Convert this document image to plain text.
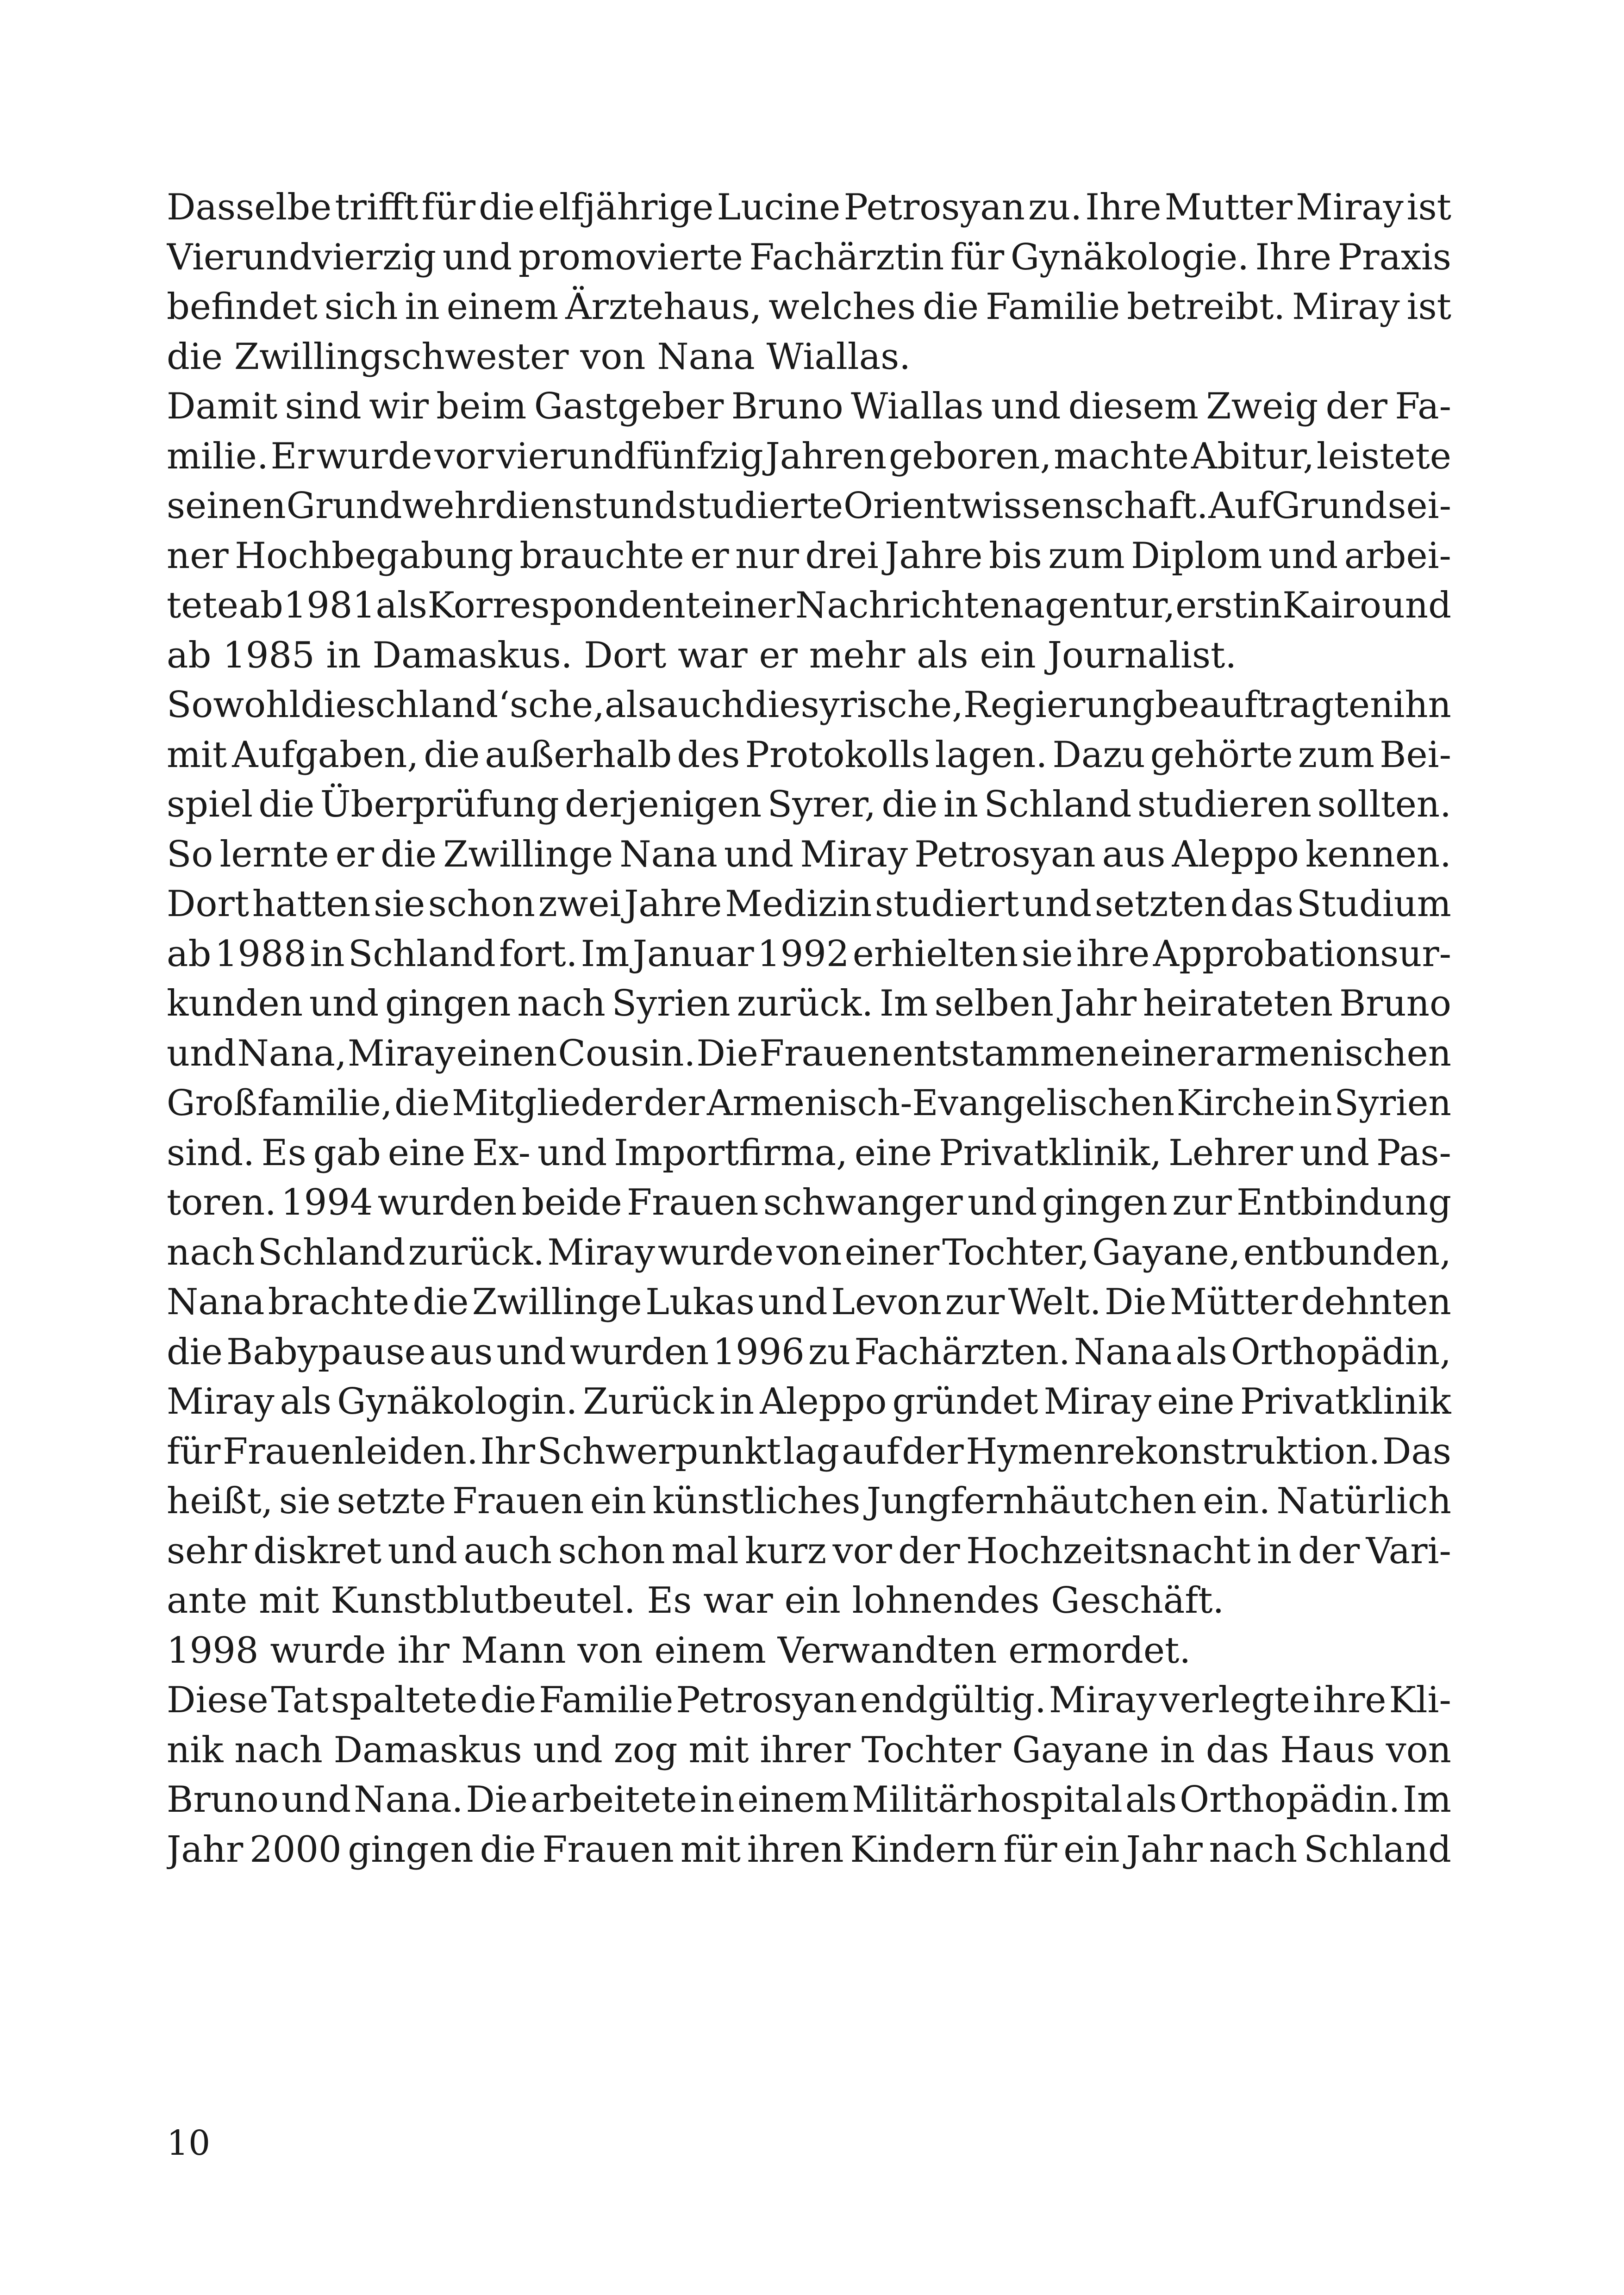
Dasselbe trifft für die elfjährige Lucine Petrosyan zu. Ihre Mutter Miray ist
Vierundvierzig und promovierte Fachärztin für Gynäkologie. Ihre Praxis
befindet sich in einem Ärztehaus, welches die Familie betreibt. Miray ist
die Zwillingschwester von Nana Wiallas.
Damit sind wir beim Gastgeber Bruno Wiallas und diesem Zweig der Fa-
milie. Er wurde vor vierundfünfzig Jahren geboren, machte Abitur, leistete
seinen Grundwehrdienst und studierte Orientwissenschaft. Auf Grund sei-
ner Hochbegabung brauchte er nur drei Jahre bis zum Diplom und arbei-
tete ab 1981 als Korrespondent einer Nachrichtenagentur, erst in Kairo und
ab 1985 in Damaskus. Dort war er mehr als ein Journalist.
Sowohl die schland‘sche, als auch die syrische, Regierung beauftragten ihn
mit Aufgaben, die außerhalb des Protokolls lagen. Dazu gehörte zum Bei-
spiel die Überprüfung derjenigen Syrer, die in Schland studieren sollten.
So lernte er die Zwillinge Nana und Miray Petrosyan aus Aleppo kennen.
Dort hatten sie schon zwei Jahre Medizin studiert und setzten das Studium
ab 1988 in Schland fort. Im Januar 1992 erhielten sie ihre Approbationsur-
kunden und gingen nach Syrien zurück. Im selben Jahr heirateten Bruno
und Nana, Miray einen Cousin. Die Frauen entstammen einer armenischen
Großfamilie, die Mitglieder der Armenisch-Evangelischen Kirche in Syrien
sind. Es gab eine Ex- und Importfirma, eine Privatklinik, Lehrer und Pas-
toren. 1994 wurden beide Frauen schwanger und gingen zur Entbindung
nach Schland zurück. Miray wurde von einer Tochter, Gayane, entbunden,
Nana brachte die Zwillinge Lukas und Levon zur Welt. Die Mütter dehnten
die Babypause aus und wurden 1996 zu Fachärzten. Nana als Orthopädin,
Miray als Gynäkologin. Zurück in Aleppo gründet Miray eine Privatklinik
für Frauenleiden. Ihr Schwerpunkt lag auf der Hymenrekonstruktion. Das
heißt, sie setzte Frauen ein künstliches Jungfernhäutchen ein. Natürlich
sehr diskret und auch schon mal kurz vor der Hochzeitsnacht in der Vari-
ante mit Kunstblutbeutel. Es war ein lohnendes Geschäft.
1998 wurde ihr Mann von einem Verwandten ermordet.
Diese Tat spaltete die Familie Petrosyan endgültig. Miray verlegte ihre Kli-
nik nach Damaskus und zog mit ihrer Tochter Gayane in das Haus von
Bruno und Nana. Die arbeitete in einem Militärhospital als Orthopädin. Im
Jahr 2000 gingen die Frauen mit ihren Kindern für ein Jahr nach Schland
10
